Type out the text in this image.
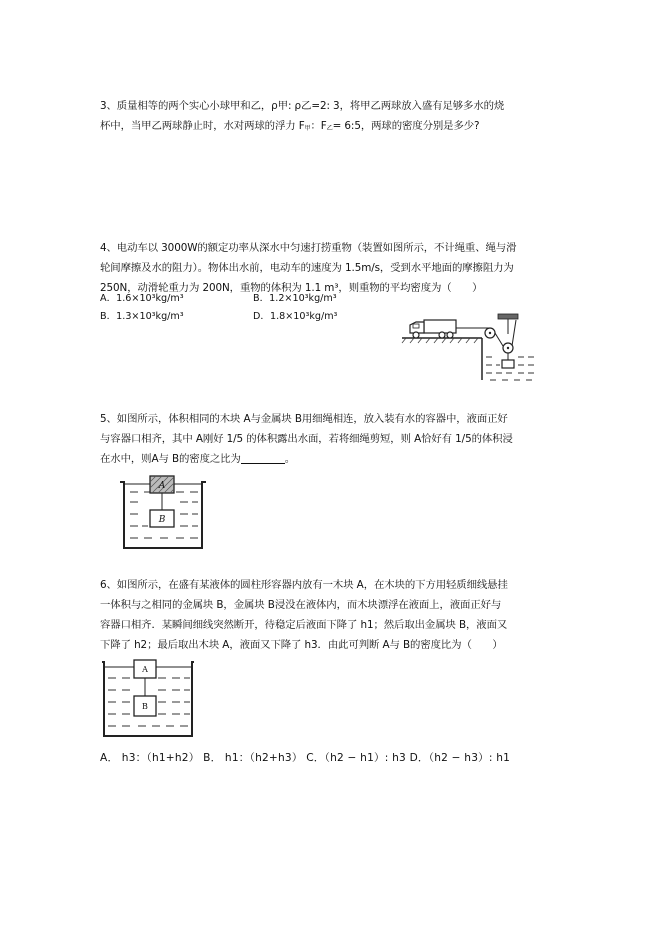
3、质量相等的两个实心小球甲和乙，ρ甲: ρ乙=2: 3，将甲乙两球放入盛有足够多水的烧

杯中，当甲乙两球静止时，水对两球的浮力 F甲：F乙= 6:5，两球的密度分别是多少?

4、电动车以 3000W的额定功率从深水中匀速打捞重物（装置如图所示，不计绳重、绳与滑

轮间摩擦及水的阻力）。物体出水前，电动车的速度为 1.5m/s，受到水平地面的摩擦阻力为

250N，动滑轮重力为 200N，重物的体积为 1.1 m³，则重物的平均密度为（　　）

A．1.6×10³kg/m³	B．1.2×10³kg/m³
B．1.3×10³kg/m³	D．1.8×10³kg/m³

5、如图所示，体积相同的木块 A与金属块 B用细绳相连，放入装有水的容器中，液面正好

与容器口相齐，其中 A刚好 1/5 的体积露出水面，若将细绳剪短，则 A恰好有 1/5的体积浸

在水中，则A与 B的密度之比为	。

A
B

6、如图所示，在盛有某液体的圆柱形容器内放有一木块 A，在木块的下方用轻质细线悬挂

一体积与之相同的金属块 B，金属块 B浸没在液体内，而木块漂浮在液面上，液面正好与

容器口相齐．某瞬间细线突然断开，待稳定后液面下降了 h1；然后取出金属块 B，液面又

下降了 h2；最后取出木块 A，液面又下降了 h3．由此可判断 A与 B的密度比为（　　）

A
B
A． h3：（h1+h2） B． h1：（h2+h3） C．（h2 − h1）: h3 D．（h2 − h3）: h1
